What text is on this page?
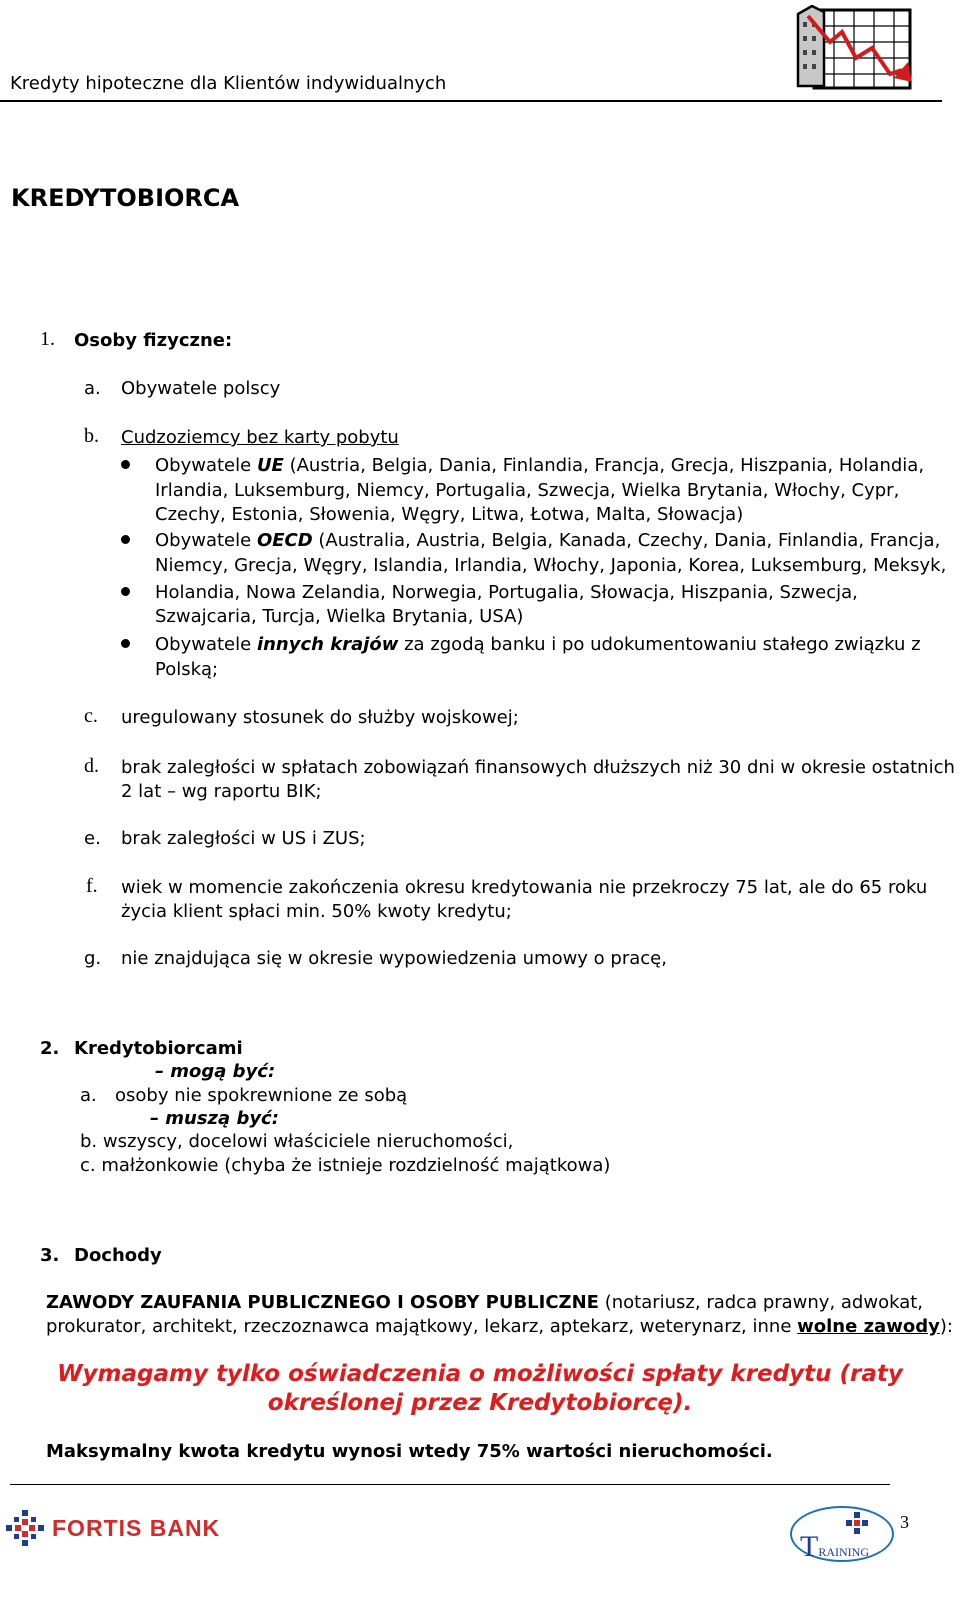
Kredyty hipoteczne dla Klientów indywidualnych
KREDYTOBIORCA
1. Osoby fizyczne:
a. Obywatele polscy
b. Cudzoziemcy bez karty pobytu
Obywatele UE (Austria, Belgia, Dania, Finlandia, Francja, Grecja, Hiszpania, Holandia,
Irlandia, Luksemburg, Niemcy, Portugalia, Szwecja, Wielka Brytania, Włochy, Cypr,
Czechy, Estonia, Słowenia, Węgry, Litwa, Łotwa, Malta, Słowacja)
Obywatele OECD (Australia, Austria, Belgia, Kanada, Czechy, Dania, Finlandia, Francja,
Niemcy, Grecja, Węgry, Islandia, Irlandia, Włochy, Japonia, Korea, Luksemburg, Meksyk,
Holandia, Nowa Zelandia, Norwegia, Portugalia, Słowacja, Hiszpania, Szwecja,
Szwajcaria, Turcja, Wielka Brytania, USA)
Obywatele innych krajów za zgodą banku i po udokumentowaniu stałego związku z
Polską;
c. uregulowany stosunek do służby wojskowej;
d. brak zaległości w spłatach zobowiązań finansowych dłuższych niż 30 dni w okresie ostatnich
2 lat – wg raportu BIK;
e. brak zaległości w US i ZUS;
f. wiek w momencie zakończenia okresu kredytowania nie przekroczy 75 lat, ale do 65 roku
życia klient spłaci min. 50% kwoty kredytu;
g. nie znajdująca się w okresie wypowiedzenia umowy o pracę,
2. Kredytobiorcami
– mogą być:
a. osoby nie spokrewnione ze sobą
– muszą być:
b. wszyscy, docelowi właściciele nieruchomości,
c. małżonkowie (chyba że istnieje rozdzielność majątkowa)
3. Dochody
ZAWODY ZAUFANIA PUBLICZNEGO I OSOBY PUBLICZNE (notariusz, radca prawny, adwokat,
prokurator, architekt, rzeczoznawca majątkowy, lekarz, aptekarz, weterynarz, inne wolne zawody):
Wymagamy tylko oświadczenia o możliwości spłaty kredytu (raty
określonej przez Kredytobiorcę).
Maksymalny kwota kredytu wynosi wtedy 75% wartości nieruchomości.
FORTIS BANK
TRAINING
3
